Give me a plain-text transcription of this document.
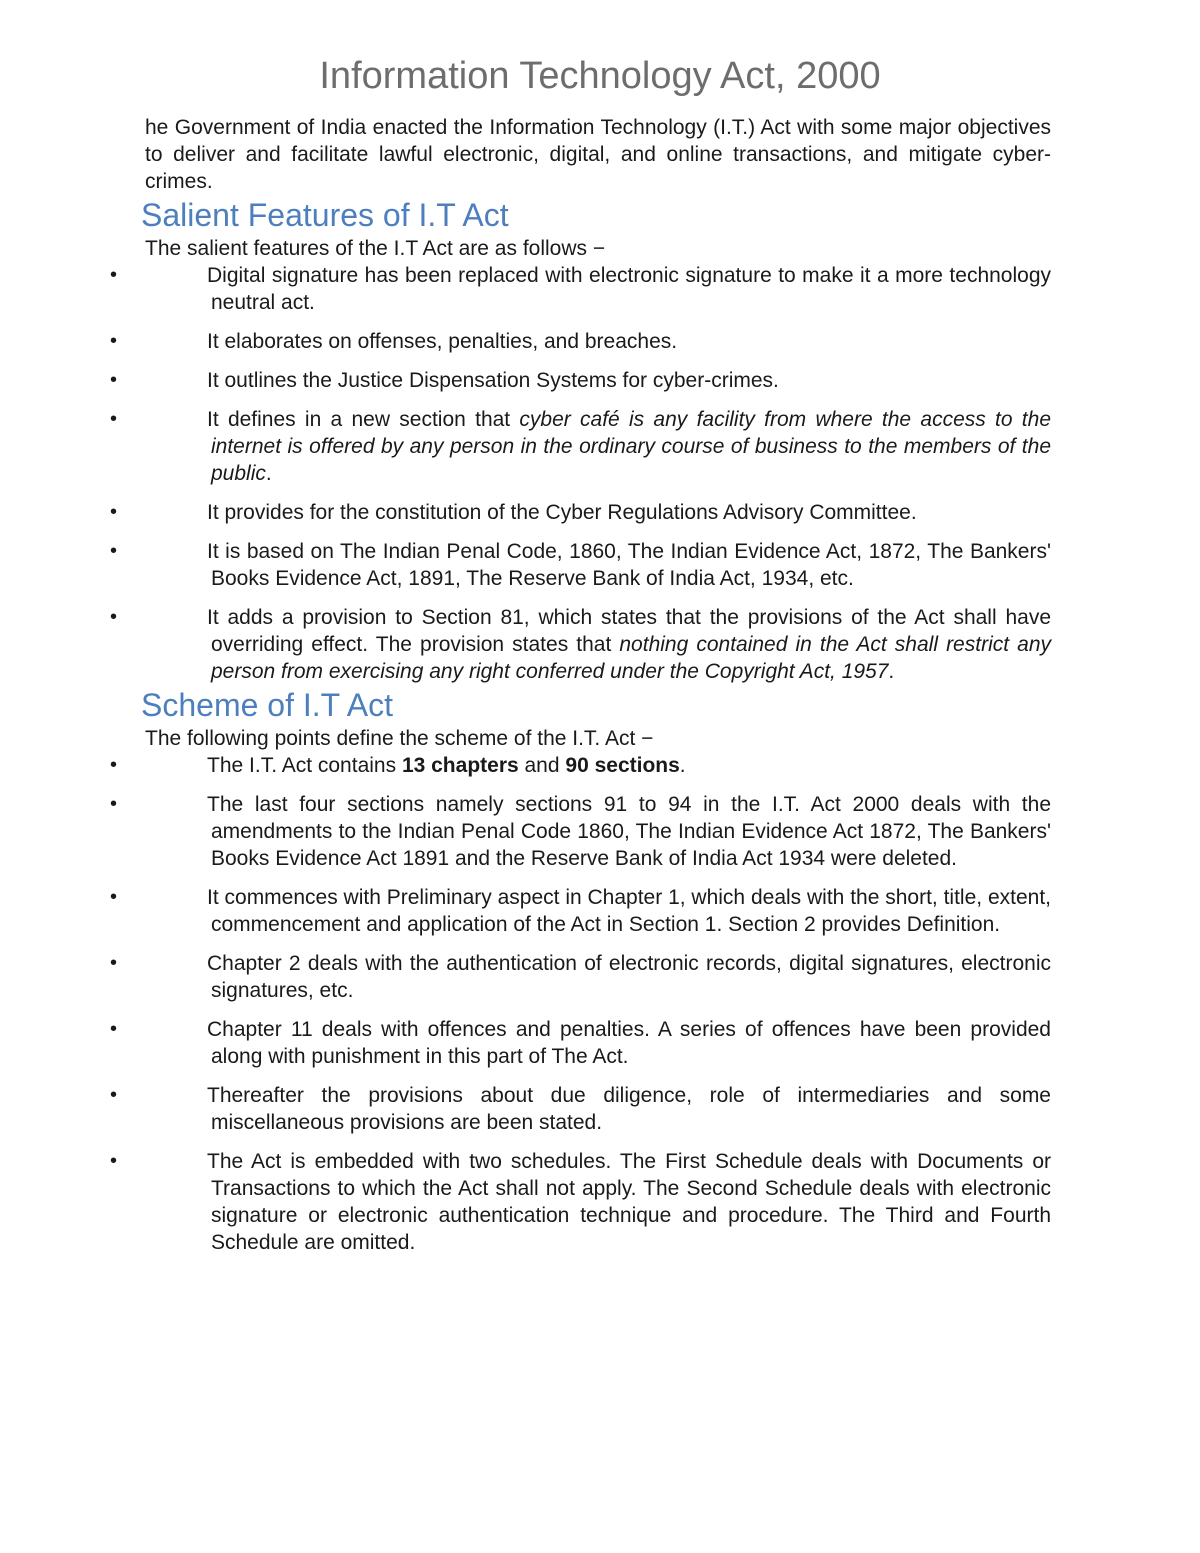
Information Technology Act, 2000

he Government of India enacted the Information Technology (I.T.) Act with some major objectives to deliver and facilitate lawful electronic, digital, and online transactions, and mitigate cyber-crimes.

Salient Features of I.T Act

The salient features of the I.T Act are as follows −

•	Digital signature has been replaced with electronic signature to make it a more technology neutral act.
•	It elaborates on offenses, penalties, and breaches.
•	It outlines the Justice Dispensation Systems for cyber-crimes.
•	It defines in a new section that cyber café is any facility from where the access to the internet is offered by any person in the ordinary course of business to the members of the public.
•	It provides for the constitution of the Cyber Regulations Advisory Committee.
•	It is based on The Indian Penal Code, 1860, The Indian Evidence Act, 1872, The Bankers' Books Evidence Act, 1891, The Reserve Bank of India Act, 1934, etc.
•	It adds a provision to Section 81, which states that the provisions of the Act shall have overriding effect. The provision states that nothing contained in the Act shall restrict any person from exercising any right conferred under the Copyright Act, 1957.
Scheme of I.T Act

The following points define the scheme of the I.T. Act −

•	The I.T. Act contains 13 chapters and 90 sections.
•	The last four sections namely sections 91 to 94 in the I.T. Act 2000 deals with the amendments to the Indian Penal Code 1860, The Indian Evidence Act 1872, The Bankers' Books Evidence Act 1891 and the Reserve Bank of India Act 1934 were deleted.
•	It commences with Preliminary aspect in Chapter 1, which deals with the short, title, extent, commencement and application of the Act in Section 1. Section 2 provides Definition.
•	Chapter 2 deals with the authentication of electronic records, digital signatures, electronic signatures, etc.
•	Chapter 11 deals with offences and penalties. A series of offences have been provided along with punishment in this part of The Act.
•	Thereafter the provisions about due diligence, role of intermediaries and some miscellaneous provisions are been stated.
•	The Act is embedded with two schedules. The First Schedule deals with Documents or Transactions to which the Act shall not apply. The Second Schedule deals with electronic signature or electronic authentication technique and procedure. The Third and Fourth Schedule are omitted.
